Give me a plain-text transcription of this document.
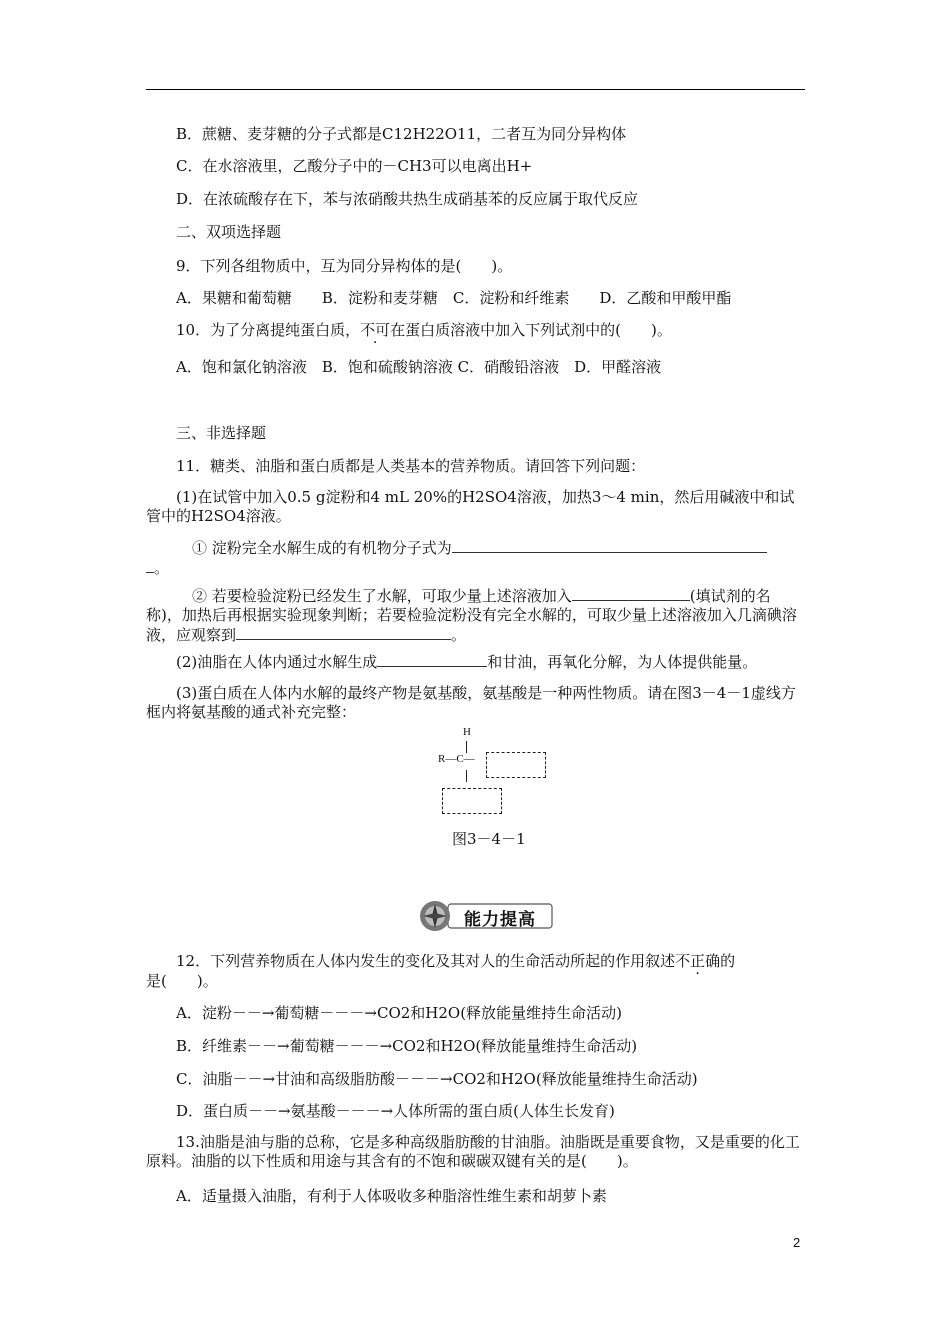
B．蔗糖、麦芽糖的分子式都是C12H22O11，二者互为同分异构体
C．在水溶液里，乙酸分子中的－CH3可以电离出H+
D．在浓硫酸存在下，苯与浓硝酸共热生成硝基苯的反应属于取代反应
二、双项选择题
9．下列各组物质中，互为同分异构体的是(　　)。
A．果糖和葡萄糖　　B．淀粉和麦芽糖　C．淀粉和纤维素　　D．乙酸和甲酸甲酯
10．为了分离提纯蛋白质，不可在蛋白质溶液中加入下列试剂中的(　　)。
A．饱和氯化钠溶液　B．饱和硫酸钠溶液 C．硝酸铅溶液　D．甲醛溶液
三、非选择题
11．糖类、油脂和蛋白质都是人类基本的营养物质。请回答下列问题：
(1)在试管中加入0.5 g淀粉和4 mL 20%的H2SO4溶液，加热3～4 min，然后用碱液中和试管中的H2SO4溶液。
① 淀粉完全水解生成的有机物分子式为
。
② 若要检验淀粉已经发生了水解，可取少量上述溶液加入	(填试剂的名称)，加热后再根据实验现象判断；若要检验淀粉没有完全水解的，可取少量上述溶液加入几滴碘溶液，应观察到	。
(2)油脂在人体内通过水解生成	和甘油，再氧化分解，为人体提供能量。
(3)蛋白质在人体内水解的最终产物是氨基酸，氨基酸是一种两性物质。请在图3－4－1虚线方框内将氨基酸的通式补充完整：
H
R—C—
图3－4－1
能力提高
12．下列营养物质在人体内发生的变化及其对人的生命活动所起的作用叙述不正确的
是(　　)。
A．淀粉－－→葡萄糖－－－→CO2和H2O(释放能量维持生命活动)
B．纤维素－－→葡萄糖－－－→CO2和H2O(释放能量维持生命活动)
C．油脂－－→甘油和高级脂肪酸－－－→CO2和H2O(释放能量维持生命活动)
D．蛋白质－－→氨基酸－－－→人体所需的蛋白质(人体生长发育)
13.油脂是油与脂的总称，它是多种高级脂肪酸的甘油脂。油脂既是重要食物，又是重要的化工原料。油脂的以下性质和用途与其含有的不饱和碳碳双键有关的是(　　)。
A．适量摄入油脂，有利于人体吸收多种脂溶性维生素和胡萝卜素
2
